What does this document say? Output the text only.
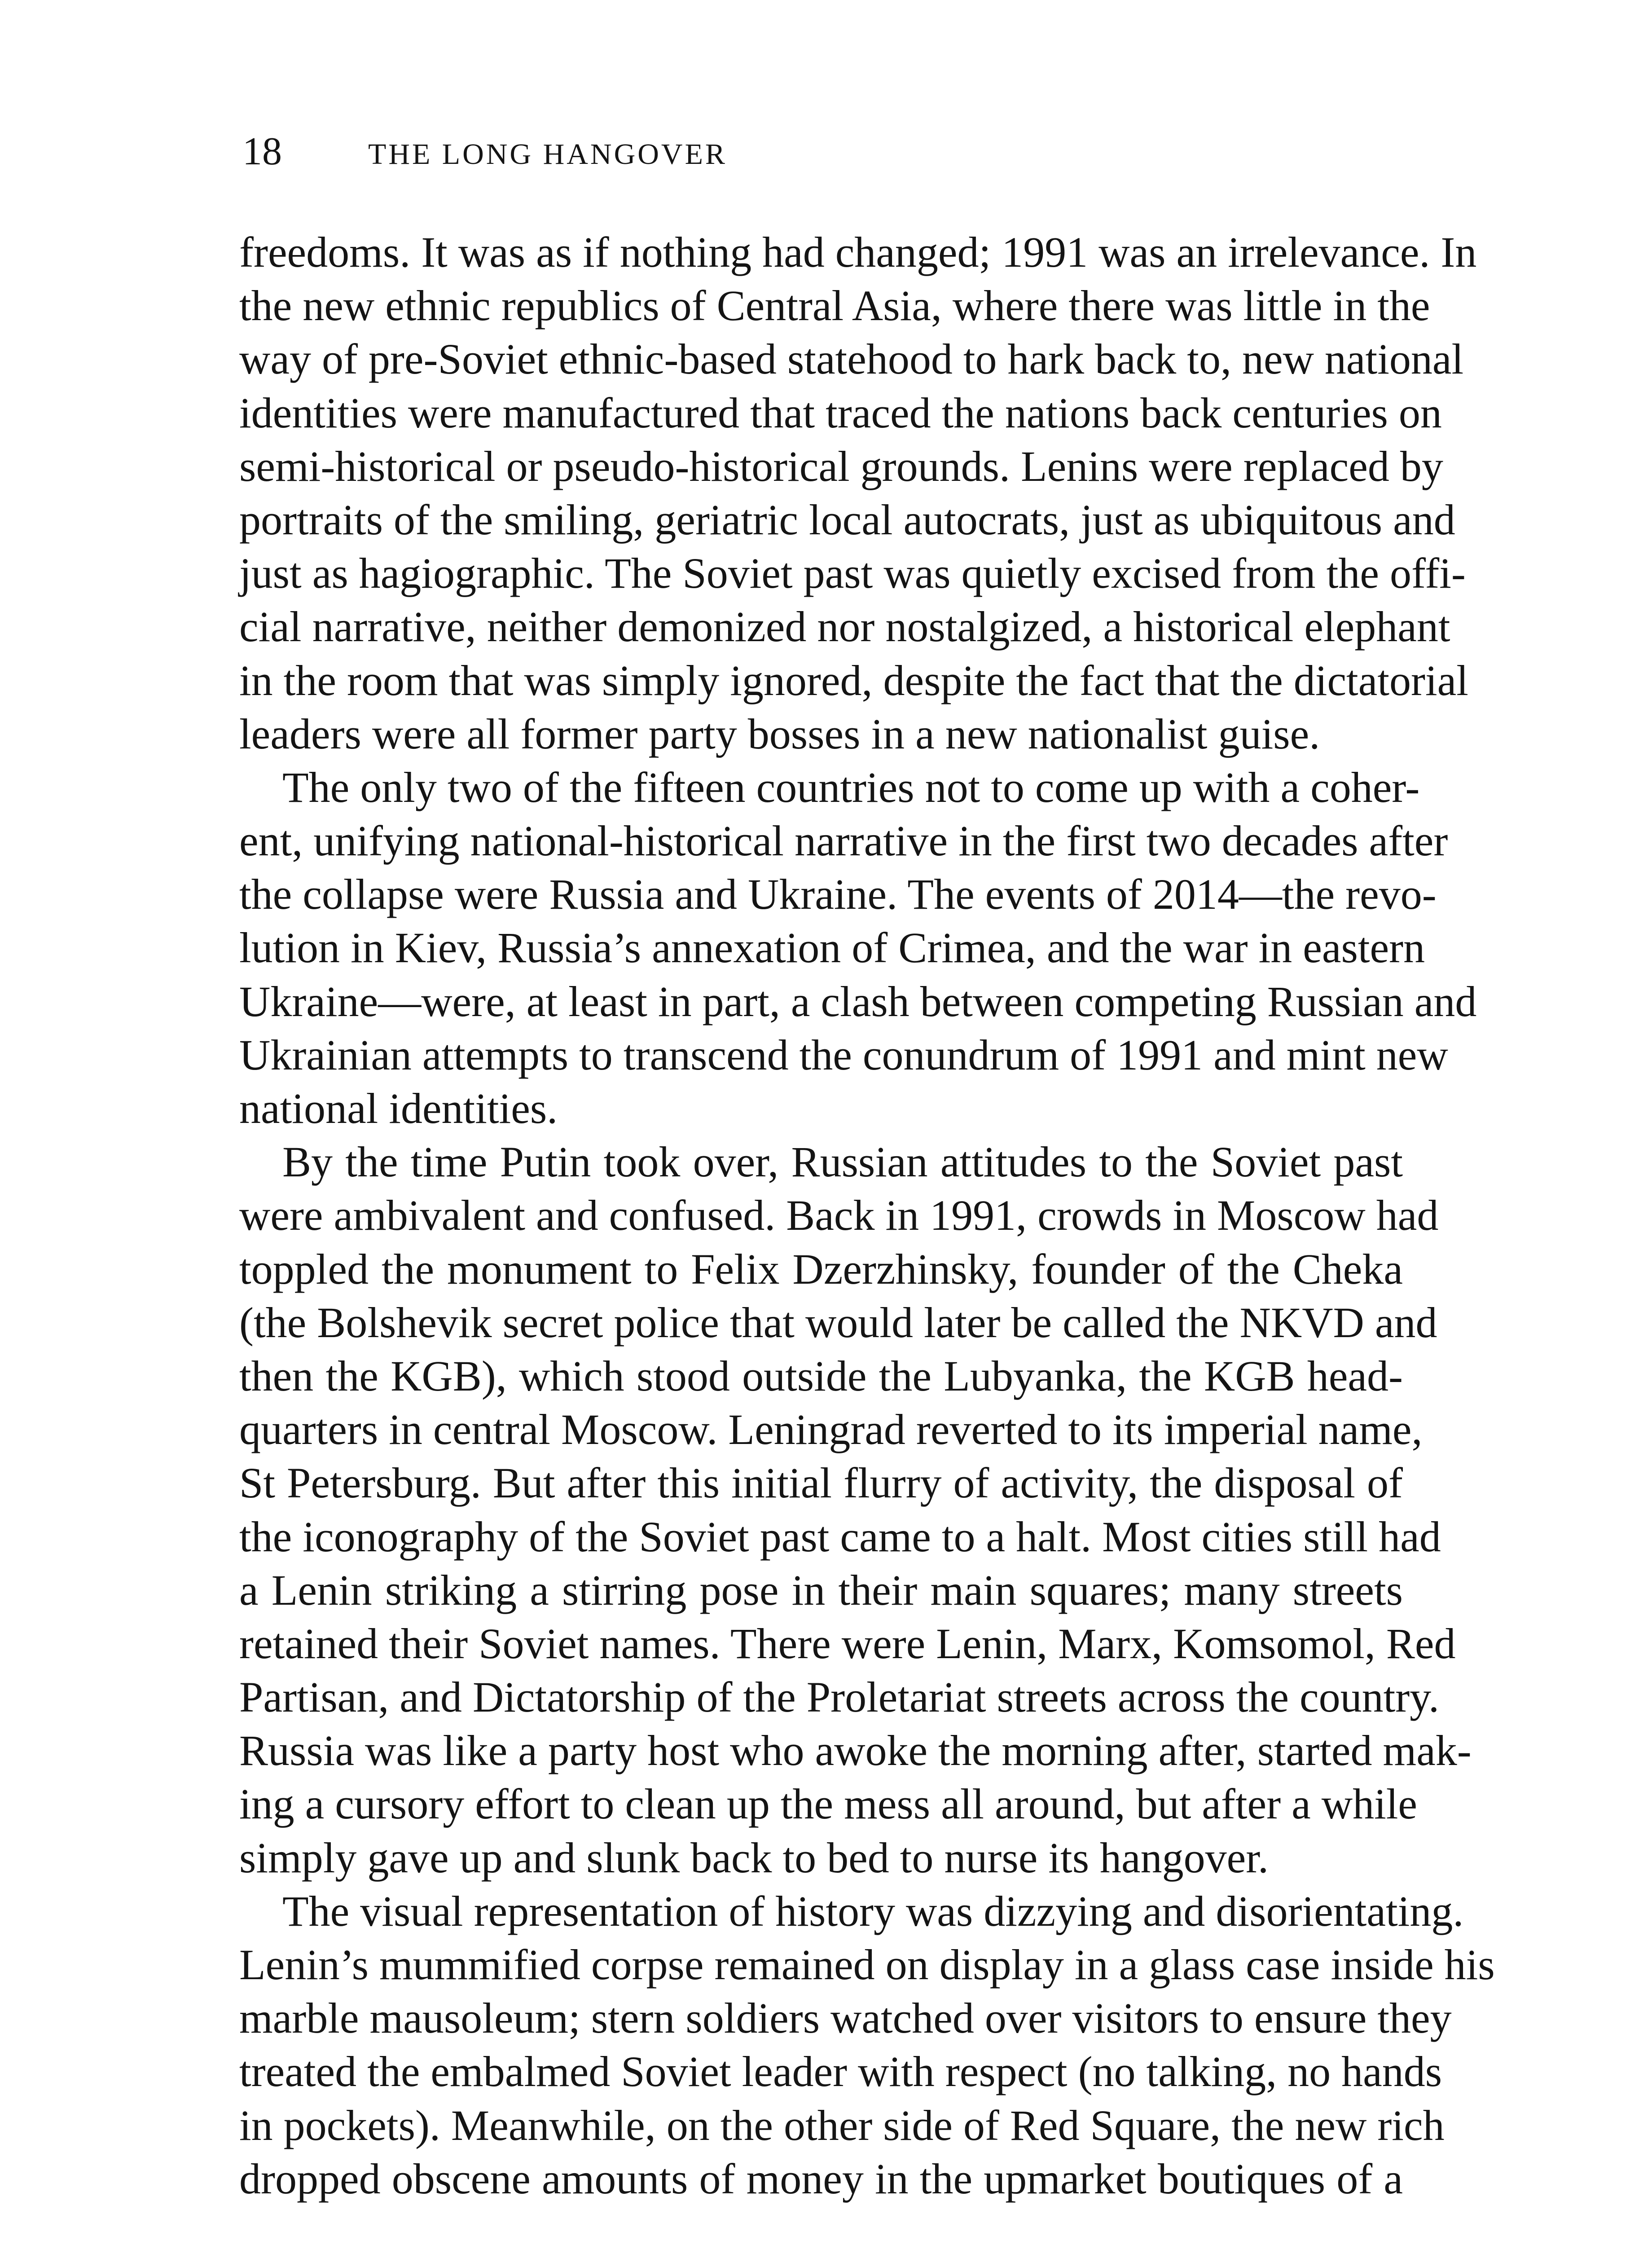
18	THE LONG HANGOVER
freedoms. It was as if nothing had changed; 1991 was an irrelevance. In
the new ethnic republics of Central Asia, where there was little in the
way of pre-Soviet ethnic-based statehood to hark back to, new national
identities were manufactured that traced the nations back centuries on
semi-historical or pseudo-historical grounds. Lenins were replaced by
portraits of the smiling, geriatric local autocrats, just as ubiquitous and
just as hagiographic. The Soviet past was quietly excised from the offi-
cial narrative, neither demonized nor nostalgized, a historical elephant
in the room that was simply ignored, despite the fact that the dictatorial
leaders were all former party bosses in a new nationalist guise.
The only two of the fifteen countries not to come up with a coher-
ent, unifying national-historical narrative in the first two decades after
the collapse were Russia and Ukraine. The events of 2014—the revo-
lution in Kiev, Russia’s annexation of Crimea, and the war in eastern
Ukraine—were, at least in part, a clash between competing Russian and
Ukrainian attempts to transcend the conundrum of 1991 and mint new
national identities.
By the time Putin took over, Russian attitudes to the Soviet past
were ambivalent and confused. Back in 1991, crowds in Moscow had
toppled the monument to Felix Dzerzhinsky, founder of the Cheka
(the Bolshevik secret police that would later be called the NKVD and
then the KGB), which stood outside the Lubyanka, the KGB head-
quarters in central Moscow. Leningrad reverted to its imperial name,
St Petersburg. But after this initial flurry of activity, the disposal of
the iconography of the Soviet past came to a halt. Most cities still had
a Lenin striking a stirring pose in their main squares; many streets
retained their Soviet names. There were Lenin, Marx, Komsomol, Red
Partisan, and Dictatorship of the Proletariat streets across the country.
Russia was like a party host who awoke the morning after, started mak-
ing a cursory effort to clean up the mess all around, but after a while
simply gave up and slunk back to bed to nurse its hangover.
The visual representation of history was dizzying and disorientating.
Lenin’s mummified corpse remained on display in a glass case inside his
marble mausoleum; stern soldiers watched over visitors to ensure they
treated the embalmed Soviet leader with respect (no talking, no hands
in pockets). Meanwhile, on the other side of Red Square, the new rich
dropped obscene amounts of money in the upmarket boutiques of a
